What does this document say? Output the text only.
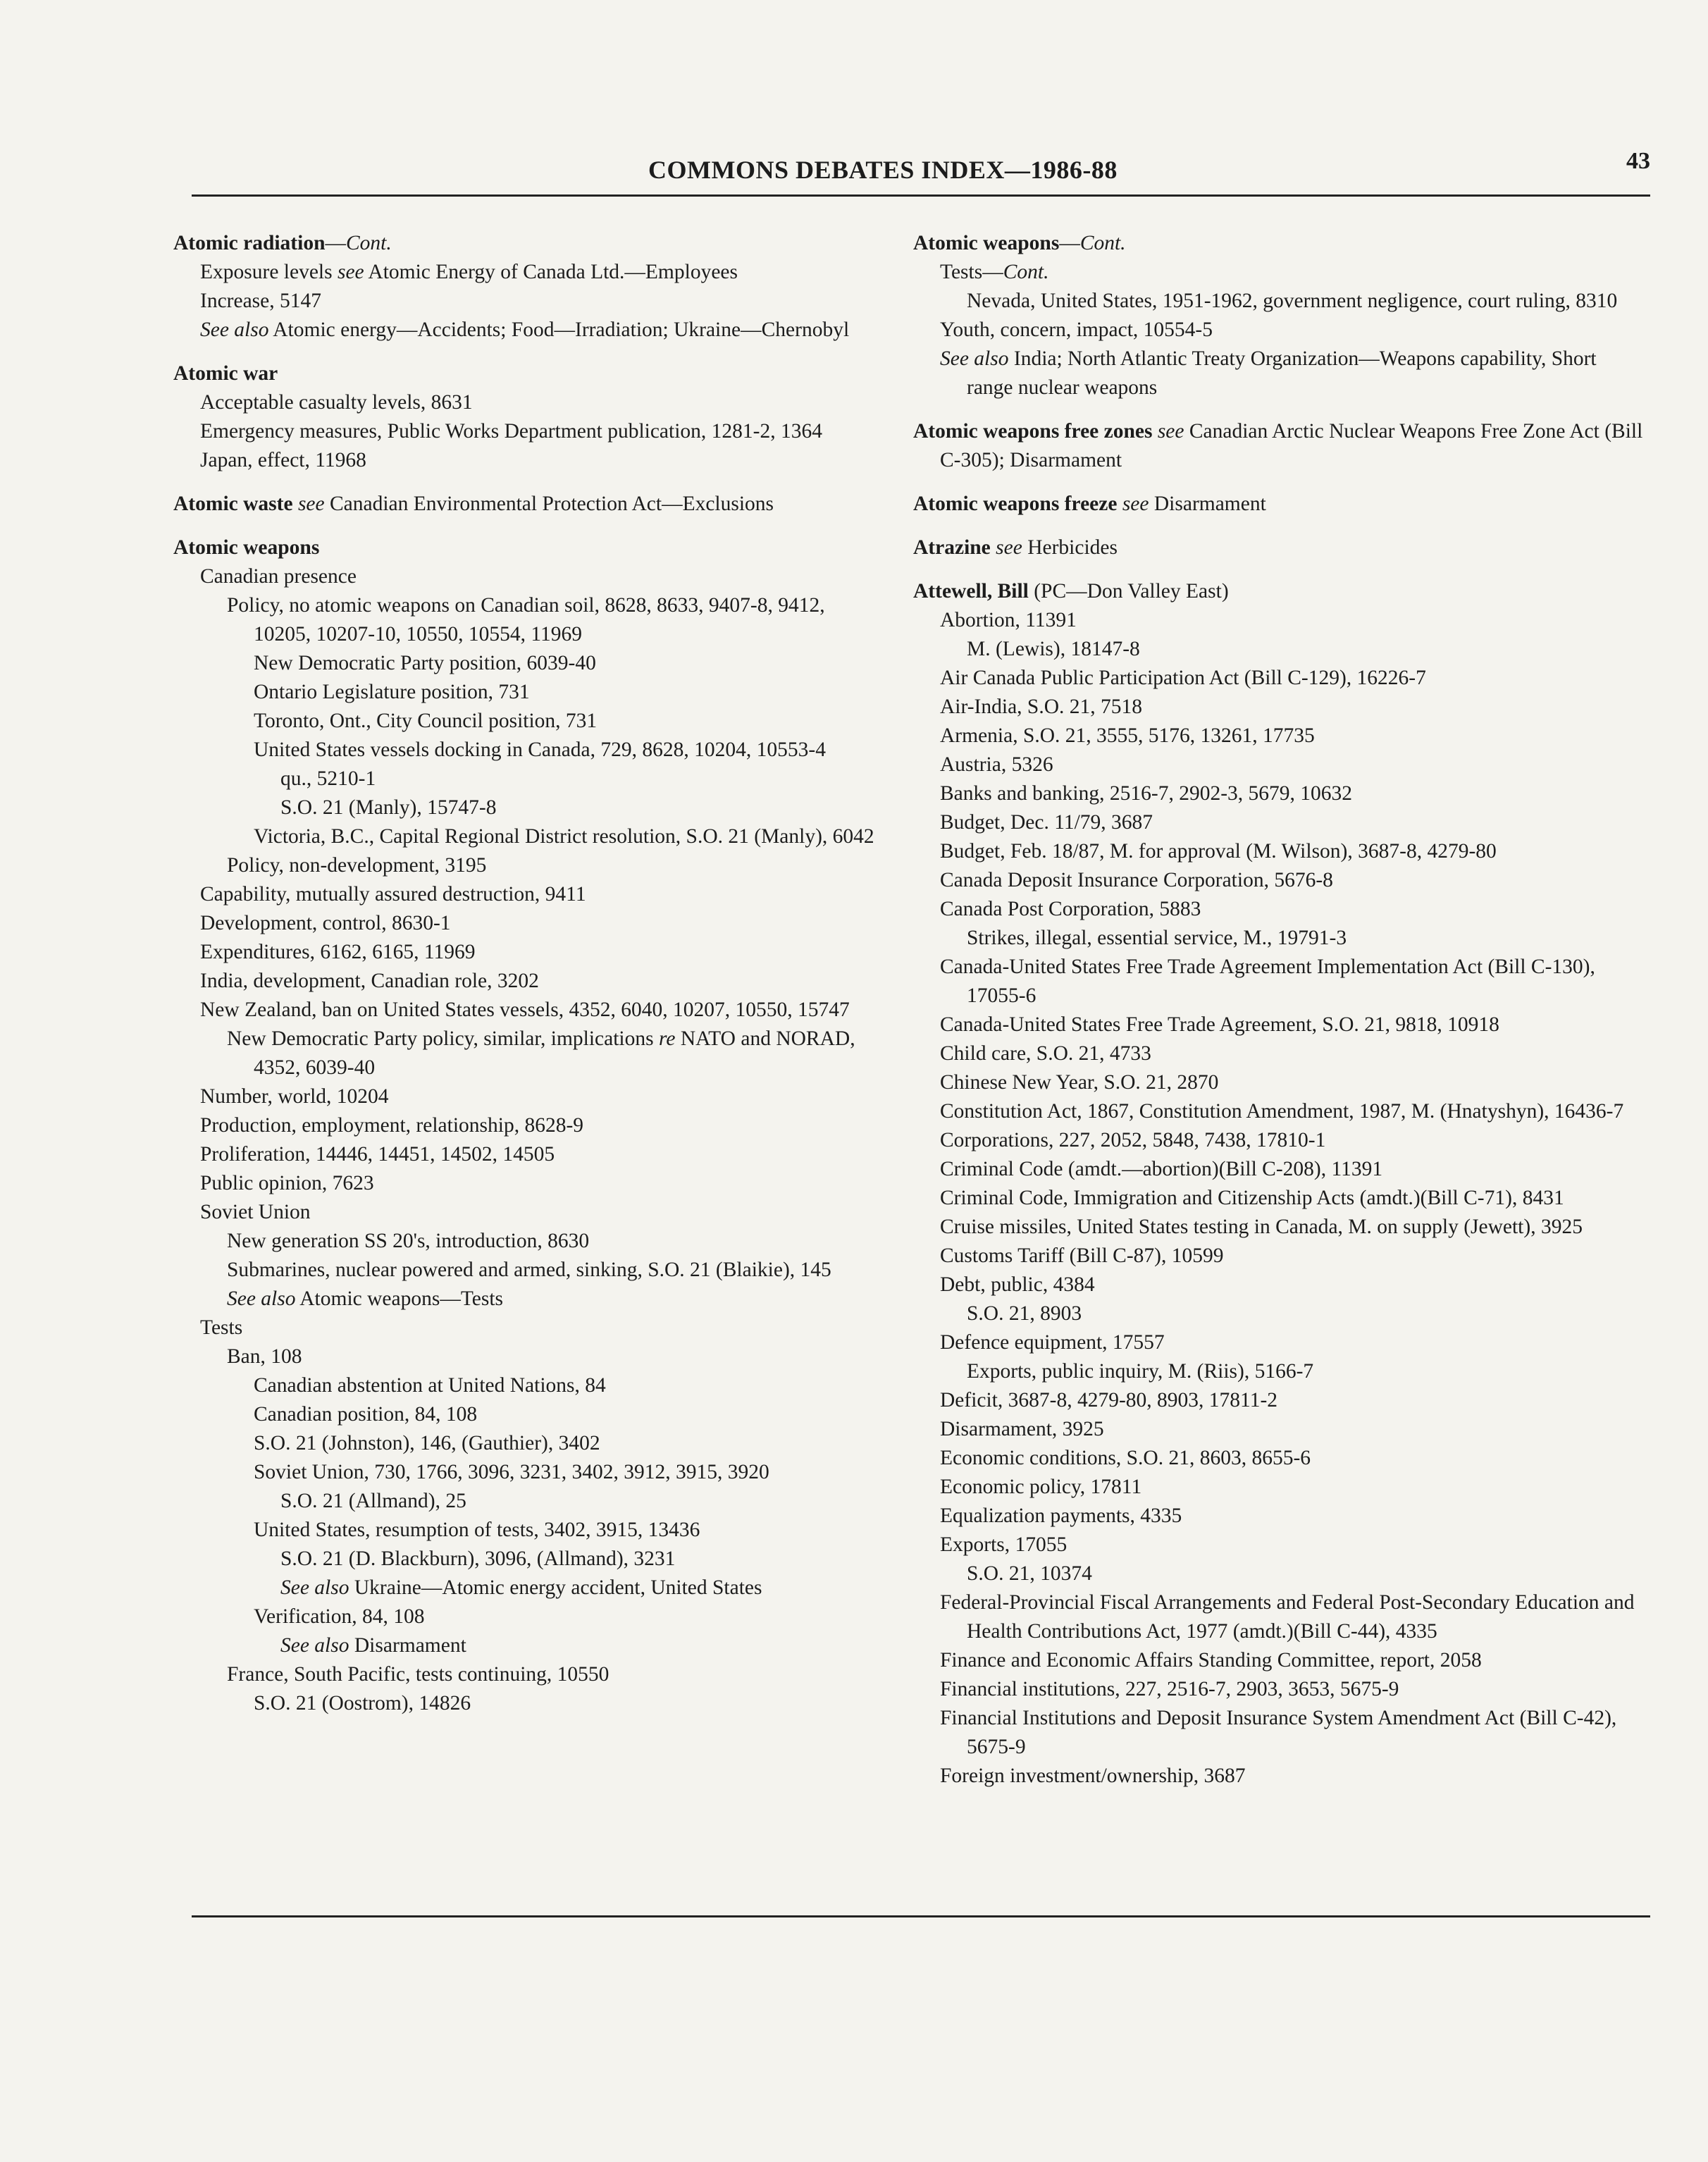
COMMONS DEBATES INDEX—1986-88	43
Atomic radiation—Cont.
Exposure levels see Atomic Energy of Canada Ltd.—Employees
Increase, 5147
See also Atomic energy—Accidents; Food—Irradiation; Ukraine—Chernobyl
Atomic war
Acceptable casualty levels, 8631
Emergency measures, Public Works Department publication, 1281-2, 1364
Japan, effect, 11968
Atomic waste see Canadian Environmental Protection Act—Exclusions
Atomic weapons
Canadian presence
Policy, no atomic weapons on Canadian soil, 8628, 8633, 9407-8, 9412, 10205, 10207-10, 10550, 10554, 11969
New Democratic Party position, 6039-40
Ontario Legislature position, 731
Toronto, Ont., City Council position, 731
United States vessels docking in Canada, 729, 8628, 10204, 10553-4
qu., 5210-1
S.O. 21 (Manly), 15747-8
Victoria, B.C., Capital Regional District resolution, S.O. 21 (Manly), 6042
Policy, non-development, 3195
Capability, mutually assured destruction, 9411
Development, control, 8630-1
Expenditures, 6162, 6165, 11969
India, development, Canadian role, 3202
New Zealand, ban on United States vessels, 4352, 6040, 10207, 10550, 15747
New Democratic Party policy, similar, implications re NATO and NORAD, 4352, 6039-40
Number, world, 10204
Production, employment, relationship, 8628-9
Proliferation, 14446, 14451, 14502, 14505
Public opinion, 7623
Soviet Union
New generation SS 20's, introduction, 8630
Submarines, nuclear powered and armed, sinking, S.O. 21 (Blaikie), 145
See also Atomic weapons—Tests
Tests
Ban, 108
Canadian abstention at United Nations, 84
Canadian position, 84, 108
S.O. 21 (Johnston), 146, (Gauthier), 3402
Soviet Union, 730, 1766, 3096, 3231, 3402, 3912, 3915, 3920
S.O. 21 (Allmand), 25
United States, resumption of tests, 3402, 3915, 13436
S.O. 21 (D. Blackburn), 3096, (Allmand), 3231
See also Ukraine—Atomic energy accident, United States
Verification, 84, 108
See also Disarmament
France, South Pacific, tests continuing, 10550
S.O. 21 (Oostrom), 14826
Atomic weapons—Cont.
Tests—Cont.
Nevada, United States, 1951-1962, government negligence, court ruling, 8310
Youth, concern, impact, 10554-5
See also India; North Atlantic Treaty Organization—Weapons capability, Short range nuclear weapons
Atomic weapons free zones see Canadian Arctic Nuclear Weapons Free Zone Act (Bill C-305); Disarmament
Atomic weapons freeze see Disarmament
Atrazine see Herbicides
Attewell, Bill (PC—Don Valley East)
Abortion, 11391
M. (Lewis), 18147-8
Air Canada Public Participation Act (Bill C-129), 16226-7
Air-India, S.O. 21, 7518
Armenia, S.O. 21, 3555, 5176, 13261, 17735
Austria, 5326
Banks and banking, 2516-7, 2902-3, 5679, 10632
Budget, Dec. 11/79, 3687
Budget, Feb. 18/87, M. for approval (M. Wilson), 3687-8, 4279-80
Canada Deposit Insurance Corporation, 5676-8
Canada Post Corporation, 5883
Strikes, illegal, essential service, M., 19791-3
Canada-United States Free Trade Agreement Implementation Act (Bill C-130), 17055-6
Canada-United States Free Trade Agreement, S.O. 21, 9818, 10918
Child care, S.O. 21, 4733
Chinese New Year, S.O. 21, 2870
Constitution Act, 1867, Constitution Amendment, 1987, M. (Hnatyshyn), 16436-7
Corporations, 227, 2052, 5848, 7438, 17810-1
Criminal Code (amdt.—abortion)(Bill C-208), 11391
Criminal Code, Immigration and Citizenship Acts (amdt.)(Bill C-71), 8431
Cruise missiles, United States testing in Canada, M. on supply (Jewett), 3925
Customs Tariff (Bill C-87), 10599
Debt, public, 4384
S.O. 21, 8903
Defence equipment, 17557
Exports, public inquiry, M. (Riis), 5166-7
Deficit, 3687-8, 4279-80, 8903, 17811-2
Disarmament, 3925
Economic conditions, S.O. 21, 8603, 8655-6
Economic policy, 17811
Equalization payments, 4335
Exports, 17055
S.O. 21, 10374
Federal-Provincial Fiscal Arrangements and Federal Post-Secondary Education and Health Contributions Act, 1977 (amdt.)(Bill C-44), 4335
Finance and Economic Affairs Standing Committee, report, 2058
Financial institutions, 227, 2516-7, 2903, 3653, 5675-9
Financial Institutions and Deposit Insurance System Amendment Act (Bill C-42), 5675-9
Foreign investment/ownership, 3687
